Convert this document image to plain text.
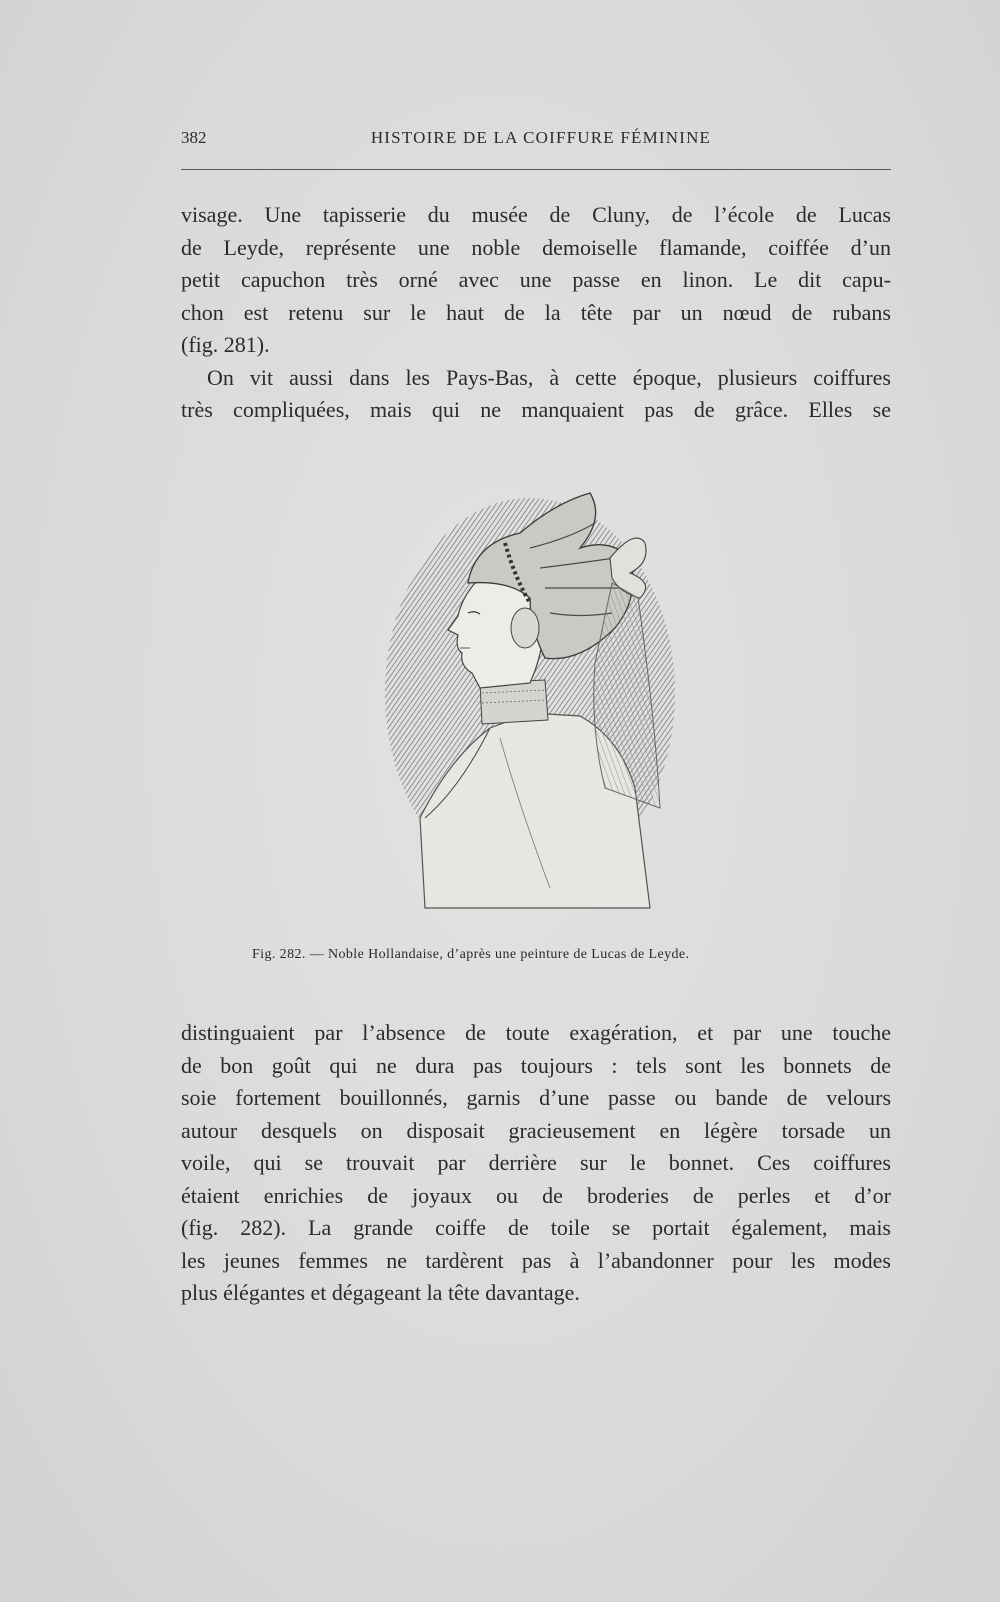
382	HISTOIRE DE LA COIFFURE FÉMININE
visage. Une tapisserie du musée de Cluny, de l’école de Lucas
de Leyde, représente une noble demoiselle flamande, coiffée d’un
petit capuchon très orné avec une passe en linon. Le dit capu-
chon est retenu sur le haut de la tête par un nœud de rubans
(fig. 281).
On vit aussi dans les Pays-Bas, à cette époque, plusieurs coiffures
très compliquées, mais qui ne manquaient pas de grâce. Elles se
Fig. 282. — Noble Hollandaise, d’après une peinture de Lucas de Leyde.
distinguaient par l’absence de toute exagération, et par une touche
de bon goût qui ne dura pas toujours : tels sont les bonnets de
soie fortement bouillonnés, garnis d’une passe ou bande de velours
autour desquels on disposait gracieusement en légère torsade un
voile, qui se trouvait par derrière sur le bonnet. Ces coiffures
étaient enrichies de joyaux ou de broderies de perles et d’or
(fig. 282). La grande coiffe de toile se portait également, mais
les jeunes femmes ne tardèrent pas à l’abandonner pour les modes
plus élégantes et dégageant la tête davantage.
